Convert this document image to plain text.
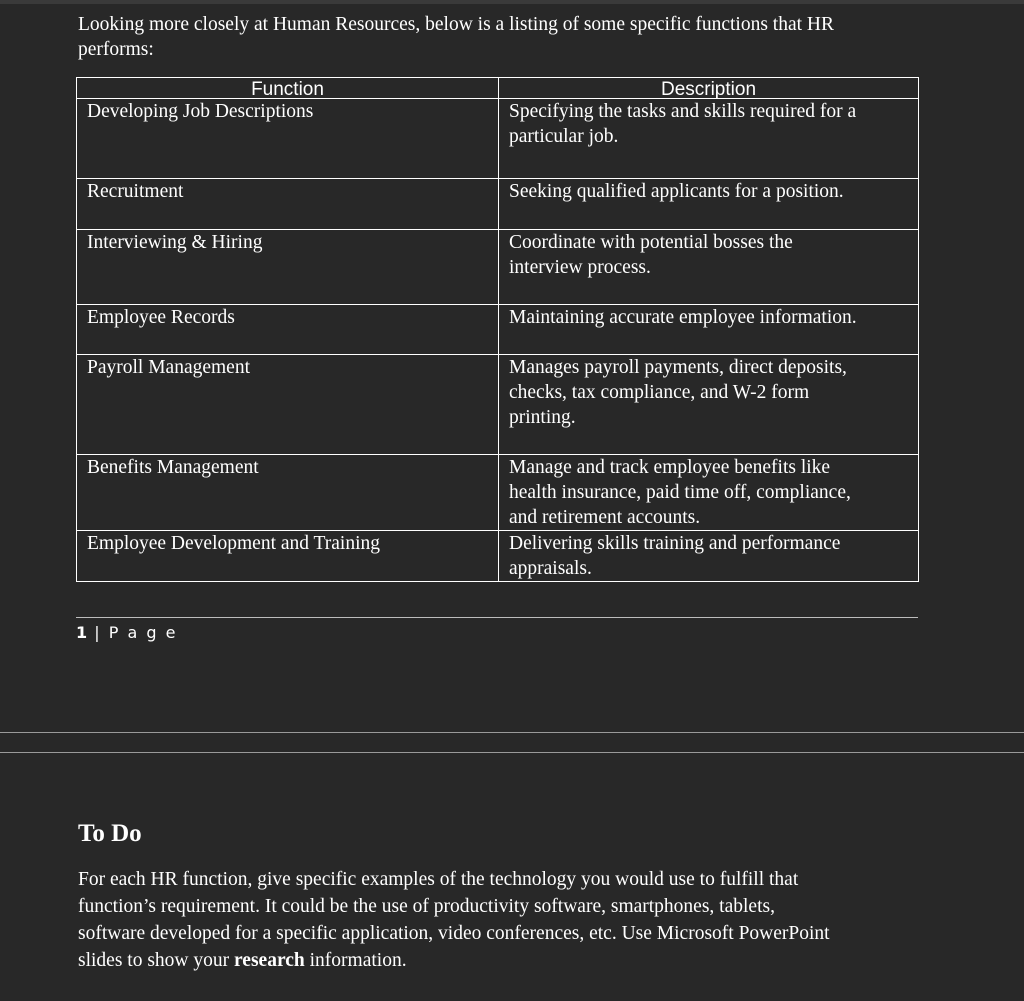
Looking more closely at Human Resources, below is a listing of some specific functions that HR
performs:

Function	Description
Developing Job Descriptions	Specifying the tasks and skills required for a
particular job.
Recruitment	Seeking qualified applicants for a position.
Interviewing & Hiring	Coordinate with potential bosses the
interview process.
Employee Records	Maintaining accurate employee information.
Payroll Management	Manages payroll payments, direct deposits,
checks, tax compliance, and W-2 form
printing.
Benefits Management	Manage and track employee benefits like
health insurance, paid time off, compliance,
and retirement accounts.
Employee Development and Training	Delivering skills training and performance
appraisals.
1 | P a g e
To Do

For each HR function, give specific examples of the technology you would use to fulfill that
function’s requirement. It could be the use of productivity software, smartphones, tablets,
software developed for a specific application, video conferences, etc. Use Microsoft PowerPoint
slides to show your research information.
